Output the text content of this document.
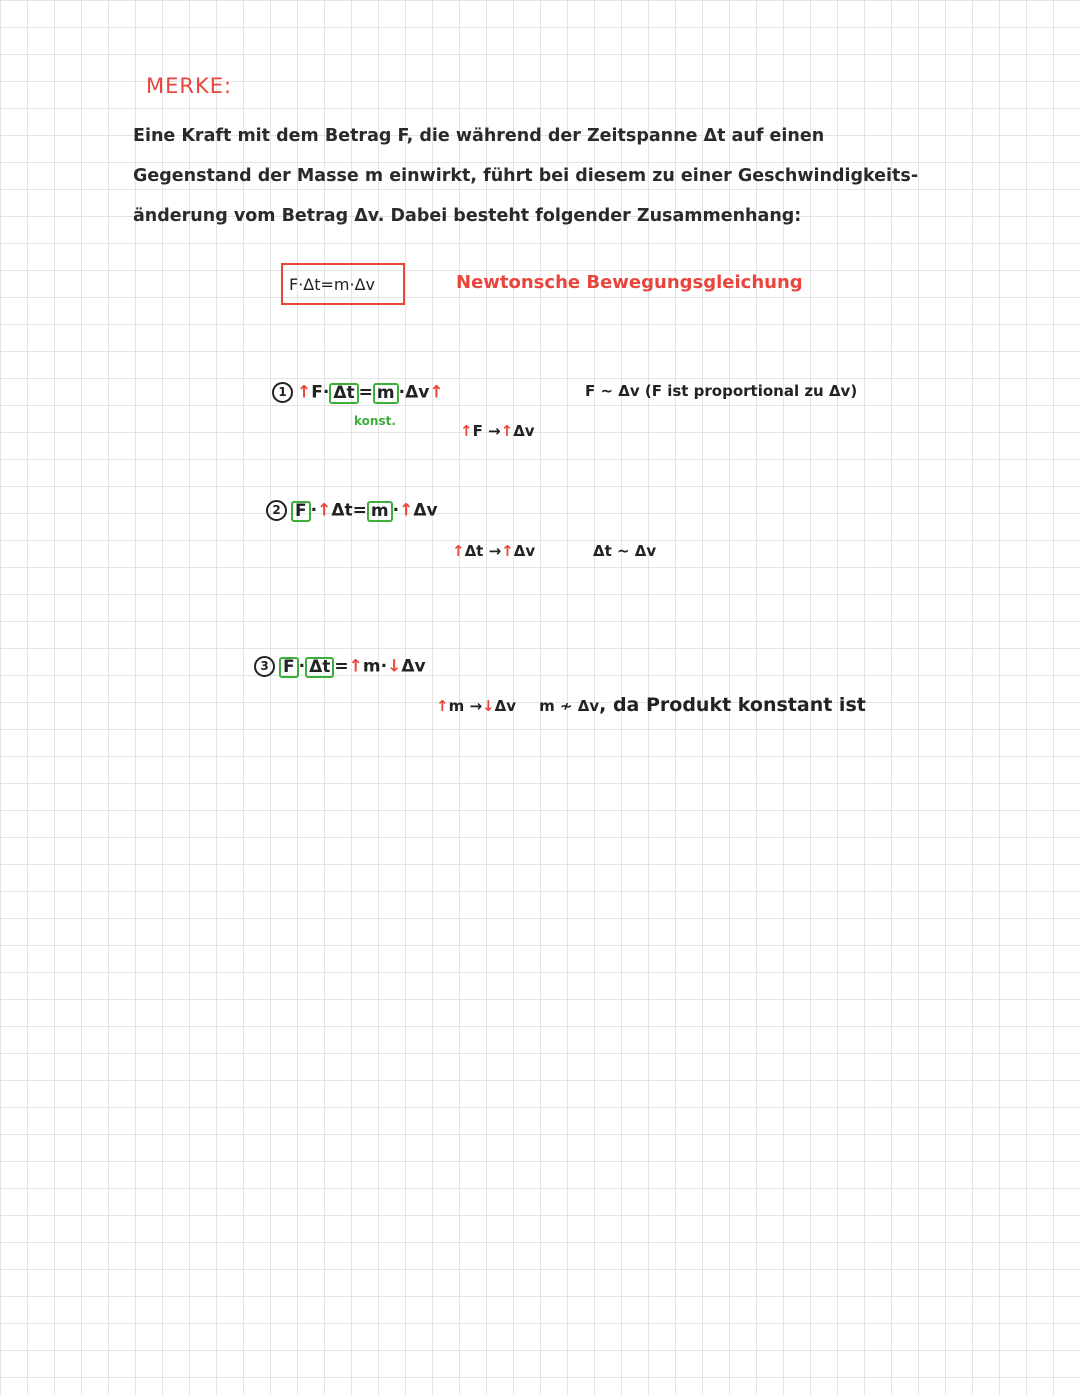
MERKE:
Eine Kraft mit dem Betrag F, die während der Zeitspanne Δt auf einen
Gegenstand der Masse m einwirkt, führt bei diesem zu einer Geschwindigkeits-
änderung vom Betrag Δv. Dabei besteht folgender Zusammenhang:
F·Δt=m·Δv	Newtonsche Bewegungsgleichung
1 ↑F· Δt = m ·Δv↑
konst.
↑F →↑Δv
F ~ Δv (F ist proportional zu Δv)
2 F ·↑Δt= m ·↑Δv
↑Δt →↑Δv	Δt ~ Δv
3 F · Δt =↑m·↓Δv
↑m →↓Δv m ≁ Δv, da Produkt konstant ist
